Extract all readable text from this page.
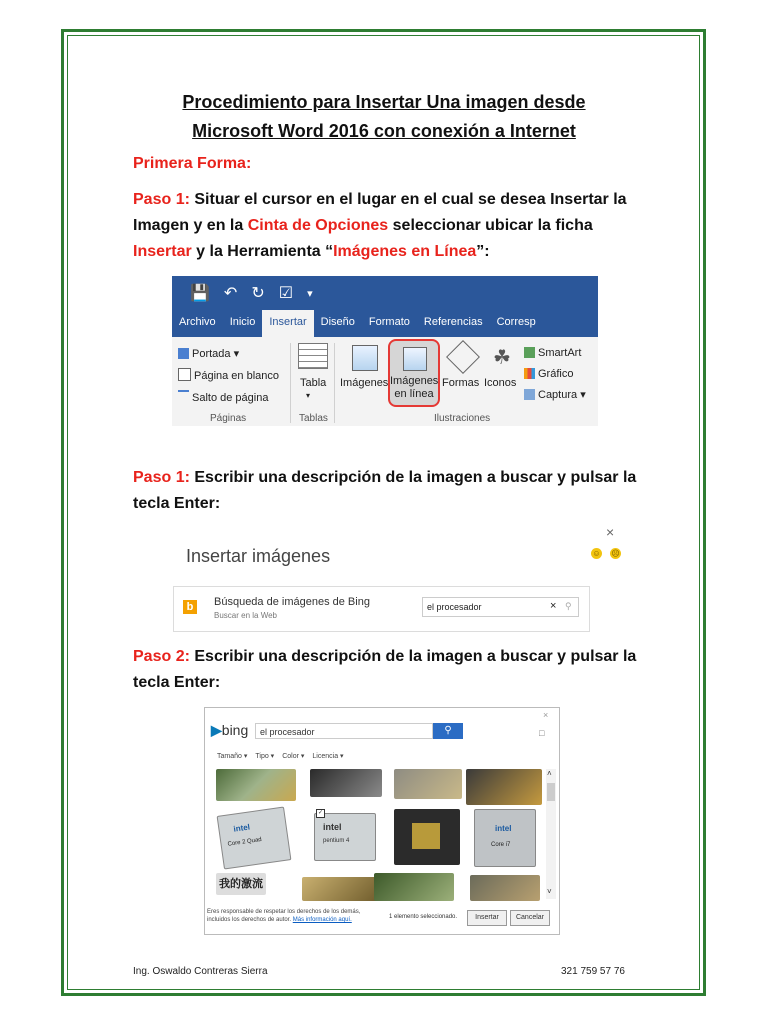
Procedimiento para Insertar Una imagen desde
Microsoft Word 2016 con conexión a Internet
Primera Forma:

Paso 1: Situar el cursor en el lugar en el cual se desea Insertar la Imagen y en la Cinta de Opciones seleccionar ubicar la ficha Insertar y la Herramienta “Imágenes en Línea”:

💾 ↶ ↻ ☑ ▾
Archivo	Inicio	Insertar	Diseño	Formato	Referencias	Corresp
Portada ▾
Página en blanco
Salto de página
Páginas
Tabla
▾
Tablas
Imágenes Imágenes
en línea
Formas
☘
Iconos
SmartArt
Gráfico
Captura ▾
Ilustraciones

Paso 1: Escribir una descripción de la imagen a buscar y pulsar la tecla Enter:

×
Insertar imágenes	☺ ☹
b	Búsqueda de imágenes de Bing
Buscar en la Web
el procesador	× ⚲

Paso 2: Escribir una descripción de la imagen a buscar y pulsar la tecla Enter:

×
▶bing el procesador	⚲	□
Tamaño ▾ Tipo ▾ Color ▾ Licencia ▾
intel
Core 2 Quad
intel
pentium 4
✓
intel
Core i7
我的激流
˄
˅
Eres responsable de respetar los derechos de los demás,
incluidos los derechos de autor. Más información aquí.	1 elemento seleccionado.	Insertar	Cancelar
Ing. Oswaldo Contreras Sierra	321 759 57 76
